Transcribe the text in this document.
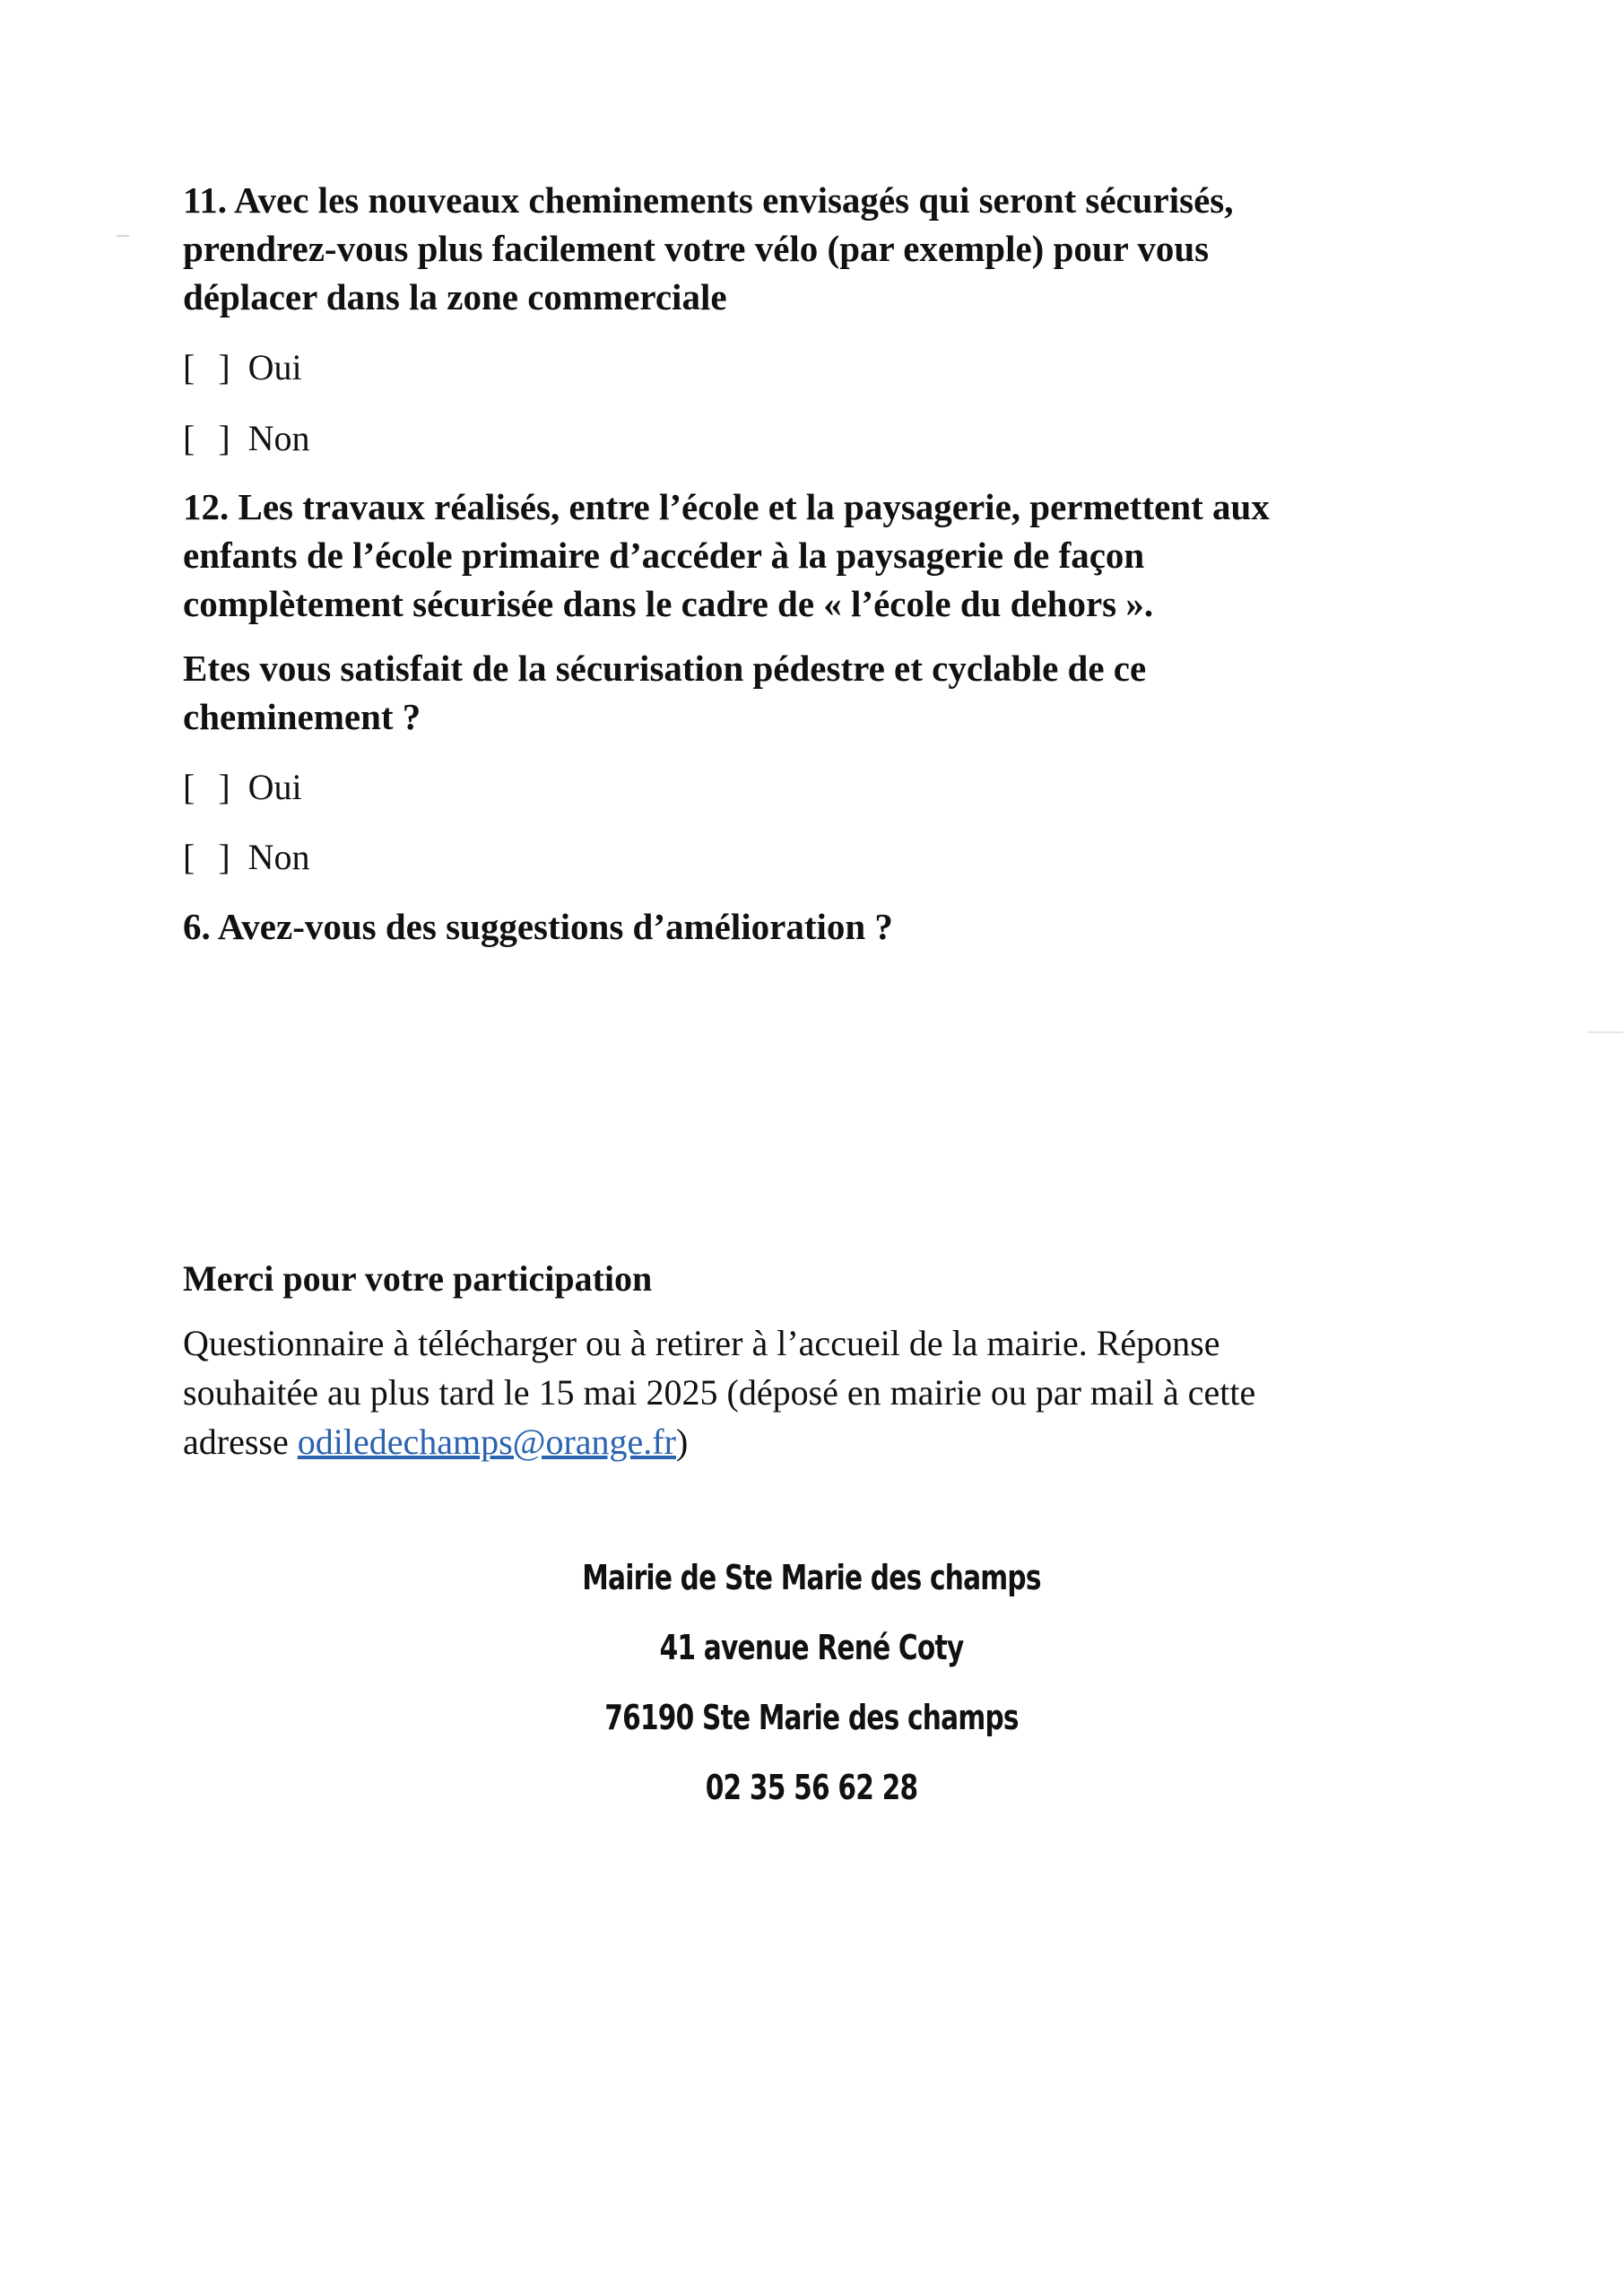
11. Avec les nouveaux cheminements envisagés qui seront sécurisés,

prendrez-vous plus facilement votre vélo (par exemple) pour vous

déplacer dans la zone commerciale

[ ] Oui

[ ] Non

12. Les travaux réalisés, entre l’école et la paysagerie, permettent aux

enfants de l’école primaire d’accéder à la paysagerie de façon

complètement sécurisée dans le cadre de « l’école du dehors ».

Etes vous satisfait de la sécurisation pédestre et cyclable de ce

cheminement ?

[ ] Oui

[ ] Non

6. Avez-vous des suggestions d’amélioration ?

Merci pour votre participation

Questionnaire à télécharger ou à retirer à l’accueil de la mairie. Réponse

souhaitée au plus tard le 15 mai 2025 (déposé en mairie ou par mail à cette

adresse odiledechamps@orange.fr)

Mairie de Ste Marie des champs
41 avenue René Coty
76190 Ste Marie des champs
02 35 56 62 28
